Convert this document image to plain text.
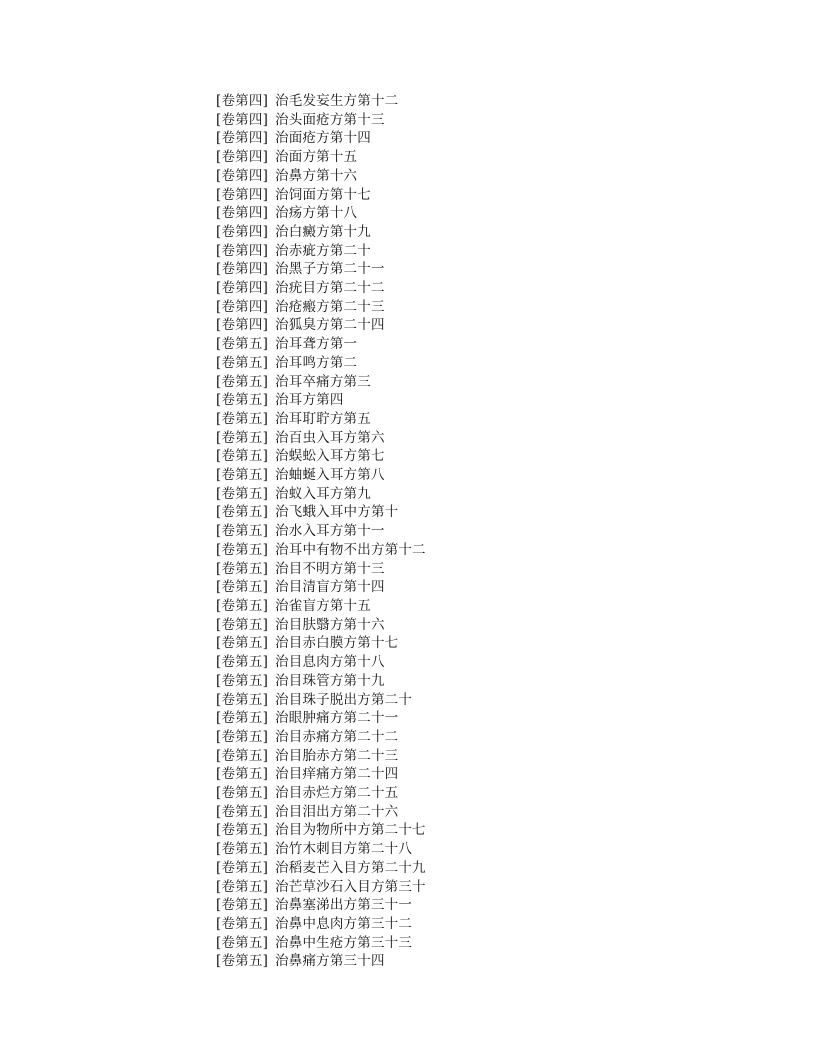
[卷第四] 治毛发妄生方第十二
[卷第四] 治头面疮方第十三
[卷第四] 治面疮方第十四
[卷第四] 治面方第十五
[卷第四] 治鼻方第十六
[卷第四] 治饲面方第十七
[卷第四] 治疡方第十八
[卷第四] 治白癜方第十九
[卷第四] 治赤疵方第二十
[卷第四] 治黑子方第二十一
[卷第四] 治疣目方第二十二
[卷第四] 治疮瘢方第二十三
[卷第四] 治狐臭方第二十四
[卷第五] 治耳聋方第一
[卷第五] 治耳鸣方第二
[卷第五] 治耳卒痛方第三
[卷第五] 治耳方第四
[卷第五] 治耳耵聍方第五
[卷第五] 治百虫入耳方第六
[卷第五] 治蜈蚣入耳方第七
[卷第五] 治蚰蜒入耳方第八
[卷第五] 治蚁入耳方第九
[卷第五] 治飞蛾入耳中方第十
[卷第五] 治水入耳方第十一
[卷第五] 治耳中有物不出方第十二
[卷第五] 治目不明方第十三
[卷第五] 治目清盲方第十四
[卷第五] 治雀盲方第十五
[卷第五] 治目肤翳方第十六
[卷第五] 治目赤白膜方第十七
[卷第五] 治目息肉方第十八
[卷第五] 治目珠管方第十九
[卷第五] 治目珠子脱出方第二十
[卷第五] 治眼肿痛方第二十一
[卷第五] 治目赤痛方第二十二
[卷第五] 治目胎赤方第二十三
[卷第五] 治目痒痛方第二十四
[卷第五] 治目赤烂方第二十五
[卷第五] 治目泪出方第二十六
[卷第五] 治目为物所中方第二十七
[卷第五] 治竹木刺目方第二十八
[卷第五] 治稻麦芒入目方第二十九
[卷第五] 治芒草沙石入目方第三十
[卷第五] 治鼻塞涕出方第三十一
[卷第五] 治鼻中息肉方第三十二
[卷第五] 治鼻中生疮方第三十三
[卷第五] 治鼻痛方第三十四
